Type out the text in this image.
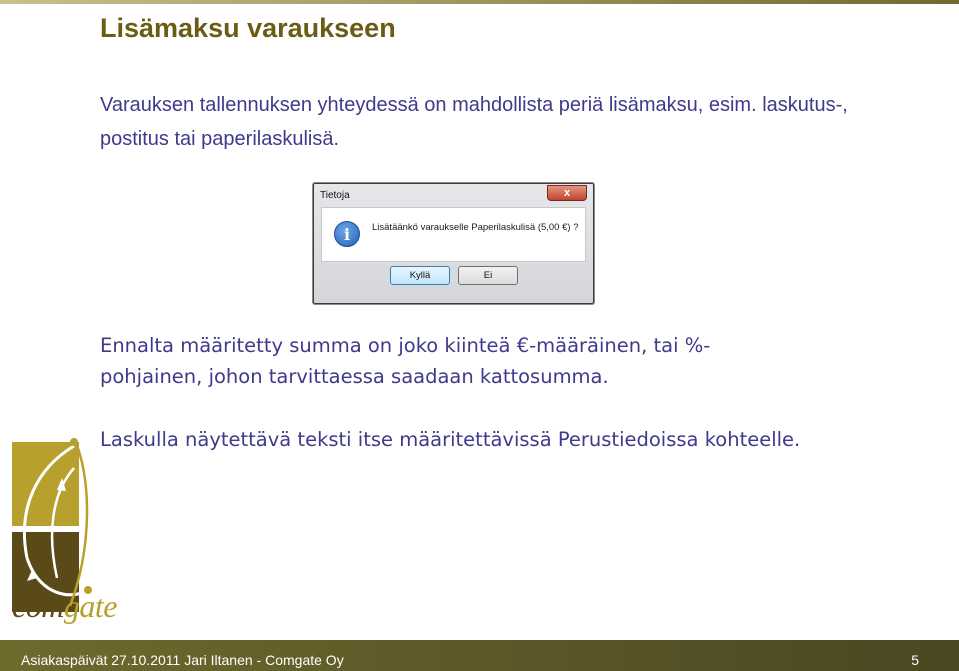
Lisämaksu varaukseen

Varauksen tallennuksen yhteydessä on mahdollista periä lisämaksu, esim. laskutus-, postitus tai paperilaskulisä.

Tietoja	x
i	Lisätäänkö varaukselle Paperilaskulisä (5,00 €) ?
Kyllä	Ei

Ennalta määritetty summa on joko kiinteä €-määräinen, tai %-
pohjainen, johon tarvittaessa saadaan kattosumma.

Laskulla näytettävä teksti itse määritettävissä Perustiedoissa kohteelle.

comgate
Asiakaspäivät 27.10.2011 Jari Iltanen - Comgate Oy	5
